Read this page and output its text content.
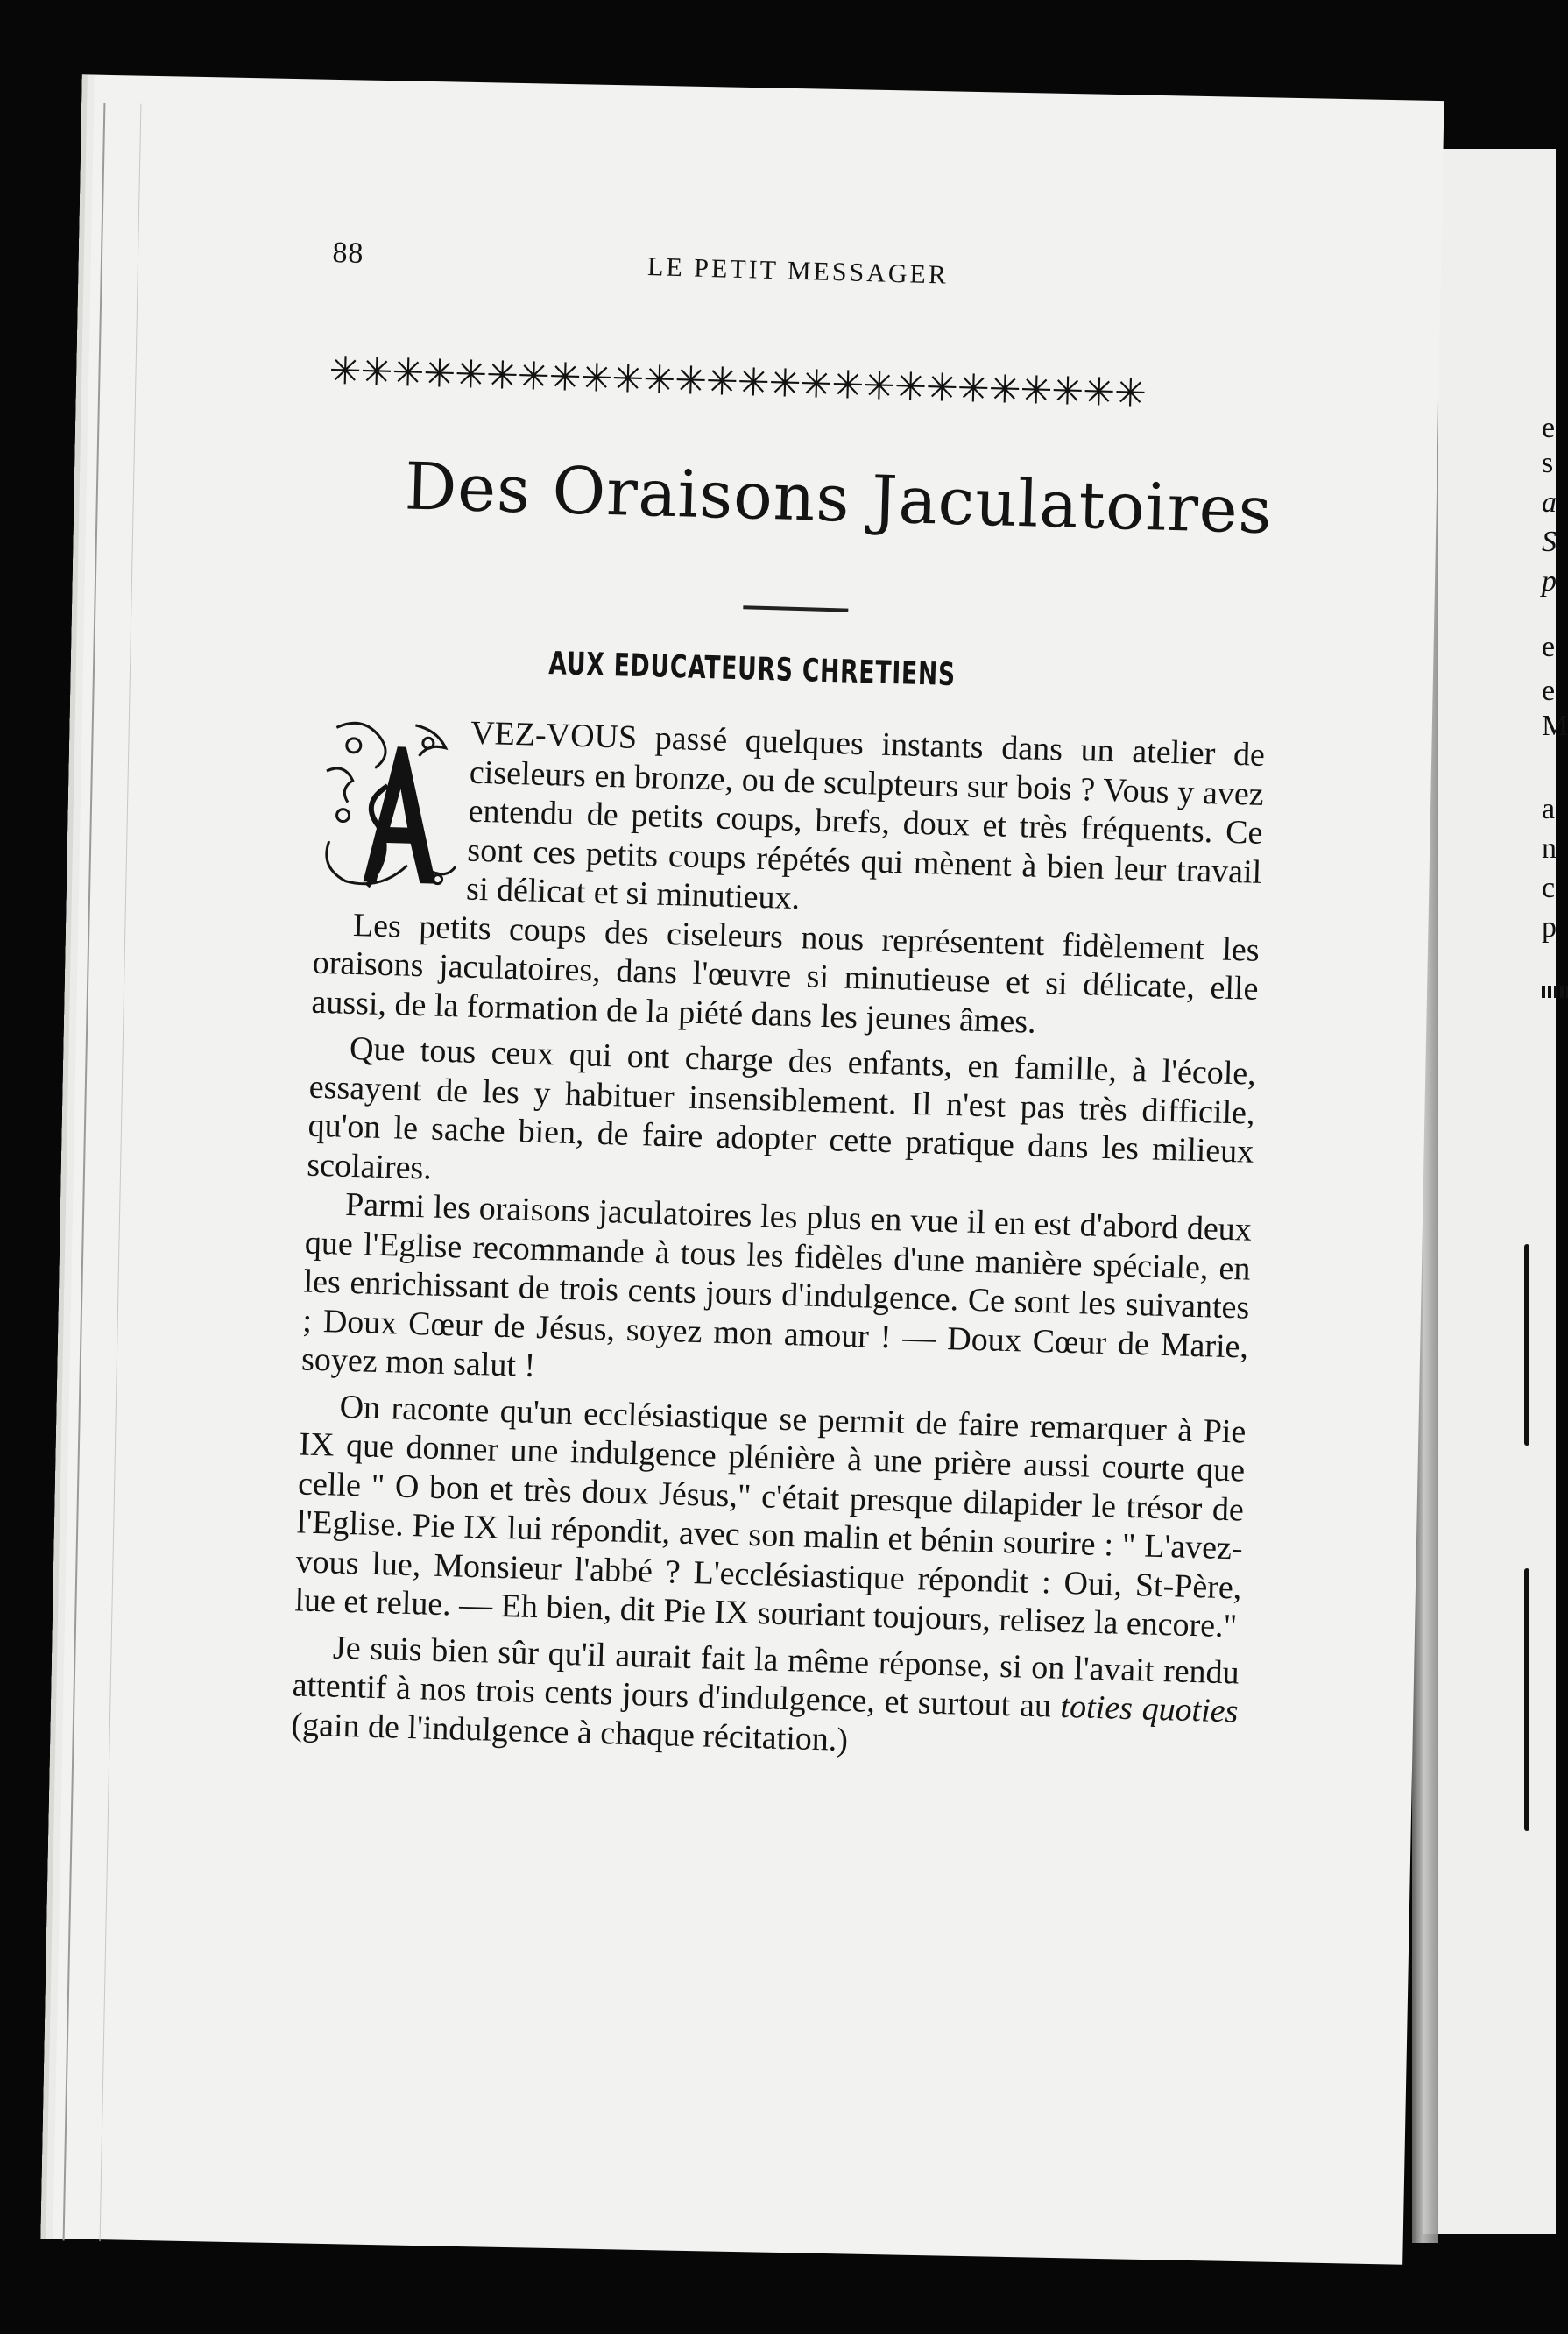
e
s
a
S
p
e
e
M
a
n
c
p
88	LE PETIT MESSAGER
✳✳✳✳✳✳✳✳✳✳✳✳✳✳✳✳✳✳✳✳✳✳✳✳✳✳
Des Oraisons Jaculatoires
AUX EDUCATEURS CHRETIENS

VEZ-VOUS passé quelques instants dans un atelier de ciseleurs en bronze, ou de sculpteurs sur bois ? Vous y avez entendu de petits coups, brefs, doux et très fréquents. Ce sont ces petits coups répétés qui mènent à bien leur travail si délicat et si minutieux.

Les petits coups des ciseleurs nous représentent fidèlement les oraisons jaculatoires, dans l'œuvre si minutieuse et si délicate, elle aussi, de la formation de la piété dans les jeunes âmes.

Que tous ceux qui ont charge des enfants, en famille, à l'école, essayent de les y habituer insensiblement. Il n'est pas très difficile, qu'on le sache bien, de faire adopter cette pratique dans les milieux scolaires.

Parmi les oraisons jaculatoires les plus en vue il en est d'abord deux que l'Eglise recommande à tous les fidèles d'une manière spéciale, en les enrichissant de trois cents jours d'indulgence. Ce sont les suivantes ; Doux Cœur de Jésus, soyez mon amour ! — Doux Cœur de Marie, soyez mon salut !

On raconte qu'un ecclésiastique se permit de faire remarquer à Pie IX que donner une indulgence plénière à une prière aussi courte que celle " O bon et très doux Jésus," c'était presque dilapider le trésor de l'Eglise. Pie IX lui répondit, avec son malin et bénin sourire : " L'avez-vous lue, Monsieur l'abbé ? L'ecclésiastique répondit : Oui, St-Père, lue et relue. — Eh bien, dit Pie IX souriant toujours, relisez la encore."

Je suis bien sûr qu'il aurait fait la même réponse, si on l'avait rendu attentif à nos trois cents jours d'indulgence, et surtout au toties quoties (gain de l'indulgence à chaque récitation.)
